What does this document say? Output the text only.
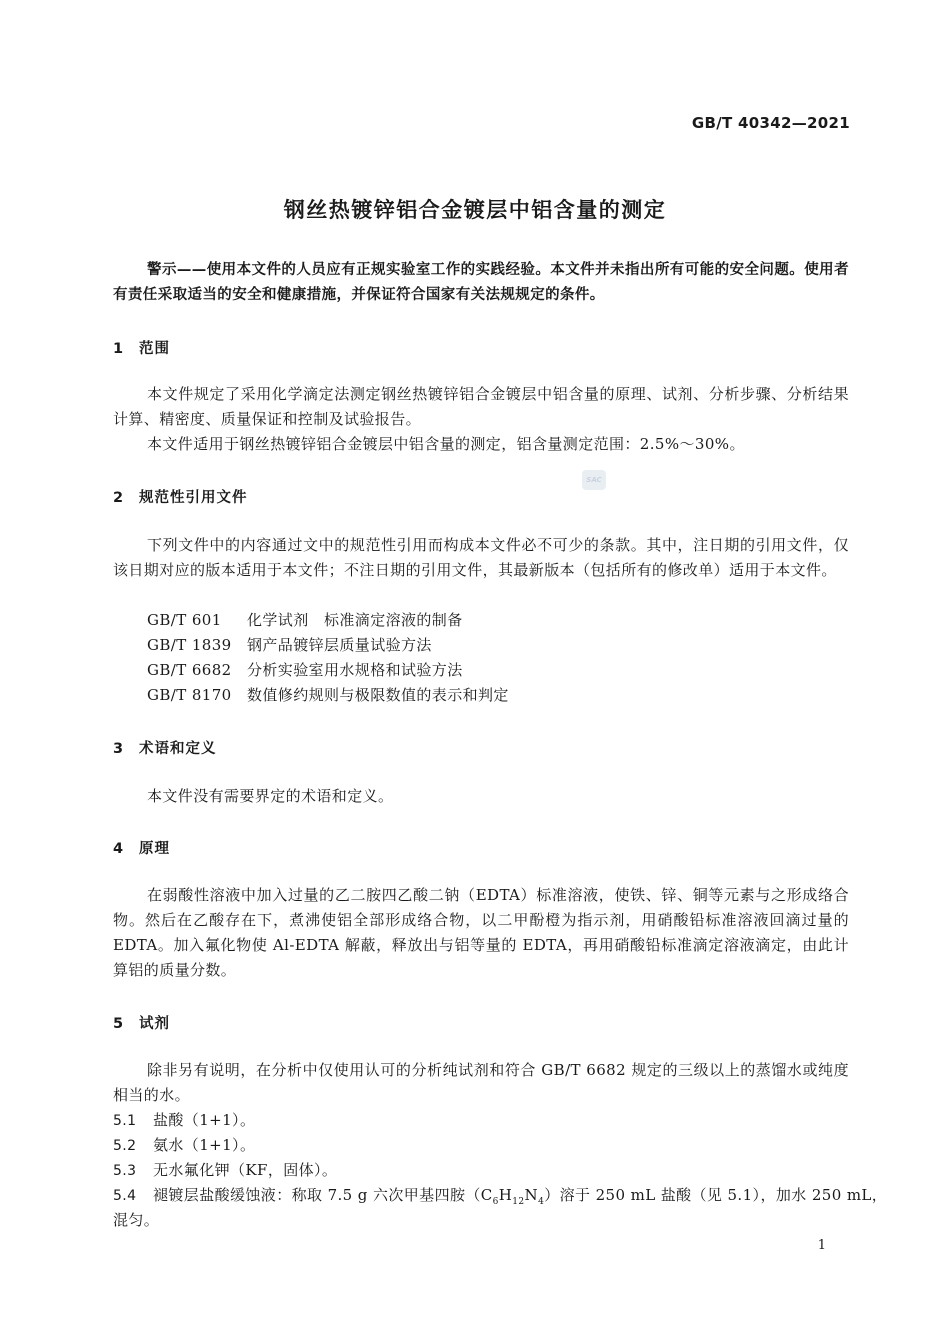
GB/T 40342—2021
钢丝热镀锌铝合金镀层中铝含量的测定
警示——使用本文件的人员应有正规实验室工作的实践经验。本文件并未指出所有可能的安全问题。使用者有责任采取适当的安全和健康措施，并保证符合国家有关法规规定的条件。
1 范围
本文件规定了采用化学滴定法测定钢丝热镀锌铝合金镀层中铝含量的原理、试剂、分析步骤、分析结果计算、精密度、质量保证和控制及试验报告。
本文件适用于钢丝热镀锌铝合金镀层中铝含量的测定，铝含量测定范围：2.5%～30%。
SAC
2 规范性引用文件
下列文件中的内容通过文中的规范性引用而构成本文件必不可少的条款。其中，注日期的引用文件，仅该日期对应的版本适用于本文件；不注日期的引用文件，其最新版本（包括所有的修改单）适用于本文件。
GB/T 601 化学试剂　标准滴定溶液的制备
GB/T 1839 钢产品镀锌层质量试验方法
GB/T 6682 分析实验室用水规格和试验方法
GB/T 8170 数值修约规则与极限数值的表示和判定
3 术语和定义
本文件没有需要界定的术语和定义。
4 原理
在弱酸性溶液中加入过量的乙二胺四乙酸二钠（EDTA）标准溶液，使铁、锌、铜等元素与之形成络合物。然后在乙酸存在下，煮沸使铝全部形成络合物，以二甲酚橙为指示剂，用硝酸铅标准溶液回滴过量的 EDTA。加入氟化物使 Al-EDTA 解蔽，释放出与铝等量的 EDTA，再用硝酸铅标准滴定溶液滴定，由此计算铝的质量分数。
5 试剂
除非另有说明，在分析中仅使用认可的分析纯试剂和符合 GB/T 6682 规定的三级以上的蒸馏水或纯度相当的水。
5.1 盐酸（1+1）。
5.2 氨水（1+1）。
5.3 无水氟化钾（KF，固体）。
5.4 褪镀层盐酸缓蚀液：称取 7.5 g 六次甲基四胺$(C_6H_{12}N_4)$溶于 250 mL 盐酸（见 5.1），加水 250 mL，
混匀。
1
